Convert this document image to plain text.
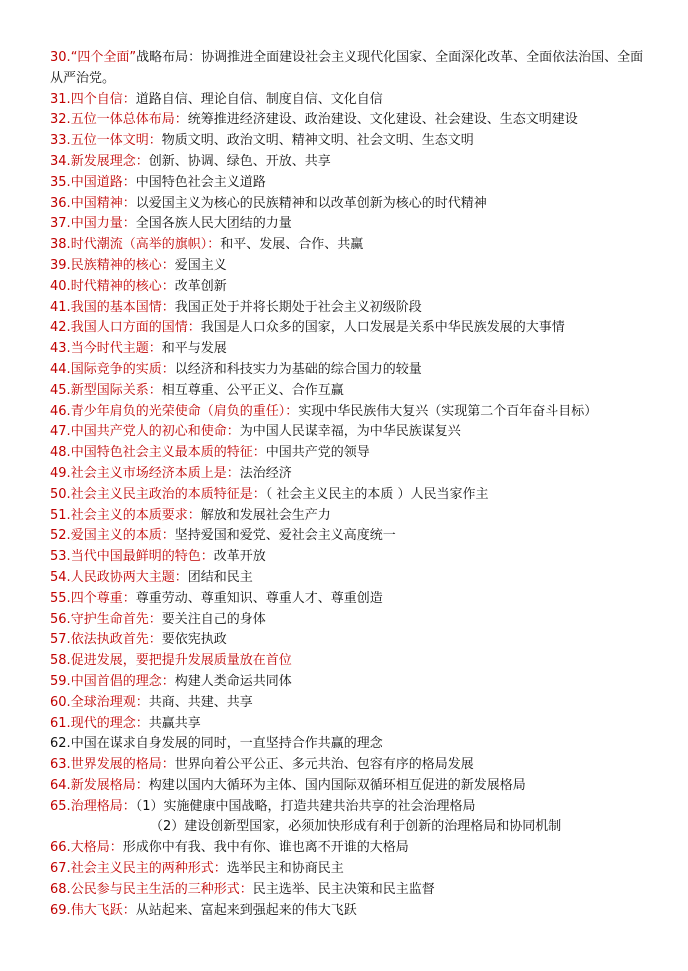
30.“四个全面”战略布局：协调推进全面建设社会主义现代化国家、全面深化改革、全面依法治国、全面从严治党。
31.四个自信：道路自信、理论自信、制度自信、文化自信
32.五位一体总体布局：统筹推进经济建设、政治建设、文化建设、社会建设、生态文明建设
33.五位一体文明：物质文明、政治文明、精神文明、社会文明、生态文明
34.新发展理念：创新、协调、绿色、开放、共享
35.中国道路：中国特色社会主义道路
36.中国精神：以爱国主义为核心的民族精神和以改革创新为核心的时代精神
37.中国力量：全国各族人民大团结的力量
38.时代潮流（高举的旗帜）：和平、发展、合作、共赢
39.民族精神的核心：爱国主义
40.时代精神的核心：改革创新
41.我国的基本国情：我国正处于并将长期处于社会主义初级阶段
42.我国人口方面的国情：我国是人口众多的国家，人口发展是关系中华民族发展的大事情
43.当今时代主题：和平与发展
44.国际竞争的实质：以经济和科技实力为基础的综合国力的较量
45.新型国际关系：相互尊重、公平正义、合作互赢
46.青少年肩负的光荣使命（肩负的重任）：实现中华民族伟大复兴（实现第二个百年奋斗目标）
47.中国共产党人的初心和使命：为中国人民谋幸福，为中华民族谋复兴
48.中国特色社会主义最本质的特征：中国共产党的领导
49.社会主义市场经济本质上是：法治经济
50.社会主义民主政治的本质特征是：（ 社会主义民主的本质 ）人民当家作主
51.社会主义的本质要求：解放和发展社会生产力
52.爱国主义的本质：坚持爱国和爱党、爱社会主义高度统一
53.当代中国最鲜明的特色：改革开放
54.人民政协两大主题：团结和民主
55.四个尊重：尊重劳动、尊重知识、尊重人才、尊重创造
56.守护生命首先：要关注自己的身体
57.依法执政首先：要依宪执政
58.促进发展，要把提升发展质量放在首位
59.中国首倡的理念：构建人类命运共同体
60.全球治理观：共商、共建、共享
61.现代的理念：共赢共享
62.中国在谋求自身发展的同时，一直坚持合作共赢的理念
63.世界发展的格局：世界向着公平公正、多元共治、包容有序的格局发展
64.新发展格局：构建以国内大循环为主体、国内国际双循环相互促进的新发展格局
65.治理格局：（1）实施健康中国战略，打造共建共治共享的社会治理格局
（2）建设创新型国家，必须加快形成有利于创新的治理格局和协同机制
66.大格局：形成你中有我、我中有你、谁也离不开谁的大格局
67.社会主义民主的两种形式：选举民主和协商民主
68.公民参与民主生活的三种形式：民主选举、民主决策和民主监督
69.伟大飞跃：从站起来、富起来到强起来的伟大飞跃
